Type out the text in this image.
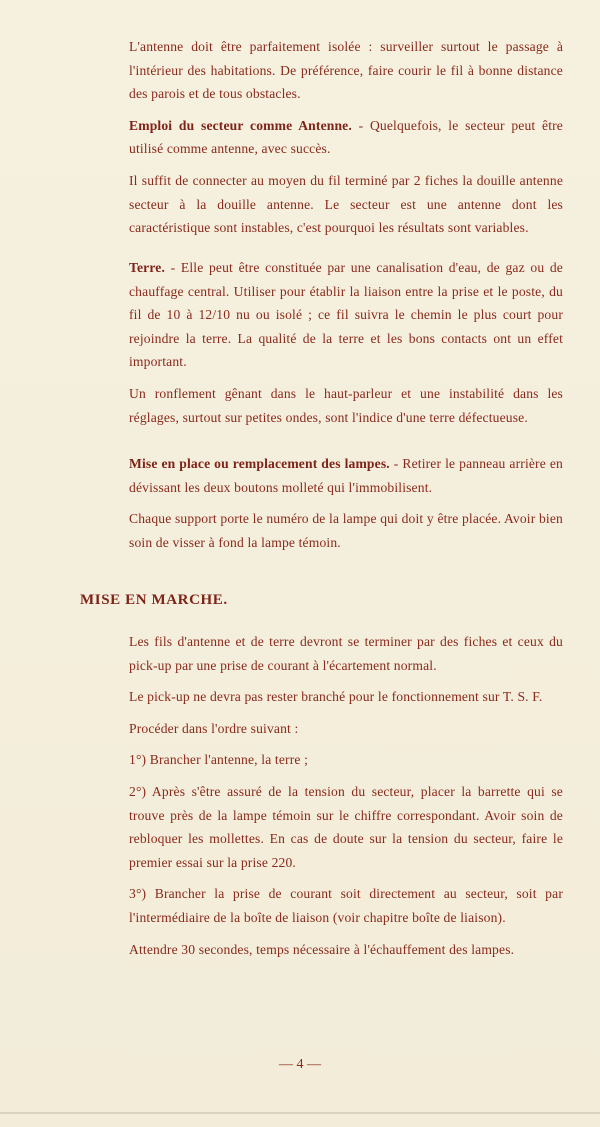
L'antenne doit être parfaitement isolée : surveiller surtout le passage à l'intérieur des habitations. De préférence, faire courir le fil à bonne distance des parois et de tous obstacles.

Emploi du secteur comme Antenne. - Quelquefois, le secteur peut être utilisé comme antenne, avec succès.

Il suffit de connecter au moyen du fil terminé par 2 fiches la douille antenne secteur à la douille antenne. Le secteur est une antenne dont les caractéristique sont instables, c'est pourquoi les résultats sont variables.

Terre. - Elle peut être constituée par une canalisation d'eau, de gaz ou de chauffage central. Utiliser pour établir la liaison entre la prise et le poste, du fil de 10 à 12/10 nu ou isolé ; ce fil suivra le chemin le plus court pour rejoindre la terre. La qualité de la terre et les bons contacts ont un effet important.

Un ronflement gênant dans le haut-parleur et une instabilité dans les réglages, surtout sur petites ondes, sont l'indice d'une terre défectueuse.

Mise en place ou remplacement des lampes. - Retirer le panneau arrière en dévissant les deux boutons molleté qui l'immobilisent.

Chaque support porte le numéro de la lampe qui doit y être placée. Avoir bien soin de visser à fond la lampe témoin.

MISE EN MARCHE.

Les fils d'antenne et de terre devront se terminer par des fiches et ceux du pick-up par une prise de courant à l'écartement normal.

Le pick-up ne devra pas rester branché pour le fonctionnement sur T. S. F.

Procéder dans l'ordre suivant :

1°) Brancher l'antenne, la terre ;

2°) Après s'être assuré de la tension du secteur, placer la barrette qui se trouve près de la lampe témoin sur le chiffre correspondant. Avoir soin de rebloquer les mollettes. En cas de doute sur la tension du secteur, faire le premier essai sur la prise 220.

3°) Brancher la prise de courant soit directement au secteur, soit par l'intermédiaire de la boîte de liaison (voir chapitre boîte de liaison).

Attendre 30 secondes, temps nécessaire à l'échauffement des lampes.

— 4 —
